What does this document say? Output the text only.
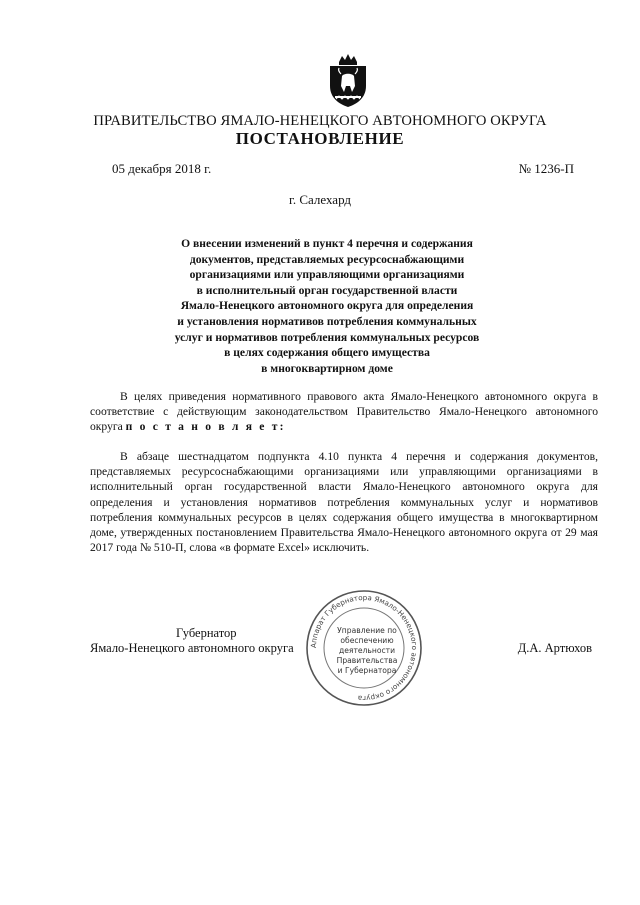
ПРАВИТЕЛЬСТВО ЯМАЛО-НЕНЕЦКОГО АВТОНОМНОГО ОКРУГА
ПОСТАНОВЛЕНИЕ
05 декабря 2018 г.	№ 1236-П
г. Салехард
О внесении изменений в пункт 4 перечня и содержания
документов, представляемых ресурсоснабжающими
организациями или управляющими организациями
в исполнительный орган государственной власти
Ямало-Ненецкого автономного округа для определения
и установления нормативов потребления коммунальных
услуг и нормативов потребления коммунальных ресурсов
в целях содержания общего имущества
в многоквартирном доме

В целях приведения нормативного правового акта Ямало-Ненецкого автономного округа в соответствие с действующим законодательством Правительство Ямало-Ненецкого автономного округа п о с т а н о в л я е т:

В абзаце шестнадцатом подпункта 4.10 пункта 4 перечня и содержания документов, представляемых ресурсоснабжающими организациями или управляющими организациями в исполнительный орган государственной власти Ямало-Ненецкого автономного округа для определения и установления нормативов потребления коммунальных услуг и нормативов потребления коммунальных ресурсов в целях содержания общего имущества в многоквартирном доме, утвержденных постановлением Правительства Ямало-Ненецкого автономного округа от 29 мая 2017 года № 510-П, слова «в формате Excel» исключить.

Губернатор
Ямало-Ненецкого автономного округа	Д.А. Артюхов
Аппарат Губернатора Ямало-Ненецкого автономного округа
Управление по
обеспечению
деятельности
Правительства
и Губернатора
